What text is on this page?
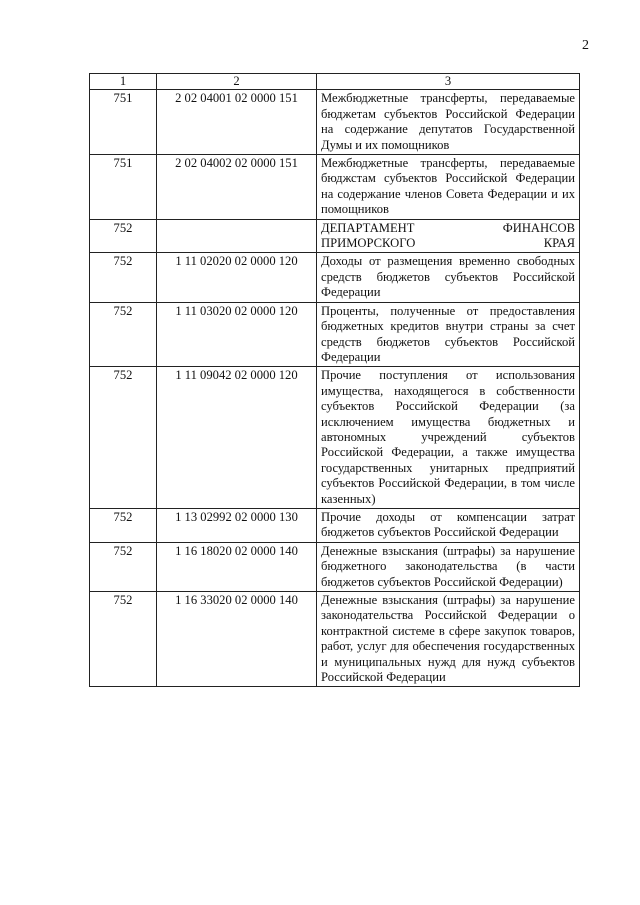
2
1	2	3
751	2 02 04001 02 0000 151	Межбюджетные трансферты, передаваемые бюджетам субъектов Российской Федерации на содержание депутатов Государственной Думы и их помощников
751	2 02 04002 02 0000 151	Межбюджетные трансферты, передаваемые бюджстам субъектов Российской Федерации на содержание членов Совета Федерации и их помощников
752		ДЕПАРТАМЕНТ ФИНАНСОВ ПРИМОРСКОГО КРАЯ
752	1 11 02020 02 0000 120	Доходы от размещения временно свободных средств бюджетов субъектов Российской Федерации
752	1 11 03020 02 0000 120	Проценты, полученные от предоставления бюджетных кредитов внутри страны за счет средств бюджетов субъектов Российской Федерации
752	1 11 09042 02 0000 120	Прочие поступления от использования имущества, находящегося в собственности субъектов Российской Федерации (за исключением имущества бюджетных и автономных учреждений субъектов Российской Федерации, а также имущества государственных унитарных предприятий субъектов Российской Федерации, в том числе казенных)
752	1 13 02992 02 0000 130	Прочие доходы от компенсации затрат бюджетов субъектов Российской Федерации
752	1 16 18020 02 0000 140	Денежные взыскания (штрафы) за нарушение бюджетного законодательства (в части бюджетов субъектов Российской Федерации)
752	1 16 33020 02 0000 140	Денежные взыскания (штрафы) за нарушение законодательства Российской Федерации о контрактной системе в сфере закупок товаров, работ, услуг для обеспечения государственных и муниципальных нужд для нужд субъектов Российской Федерации
